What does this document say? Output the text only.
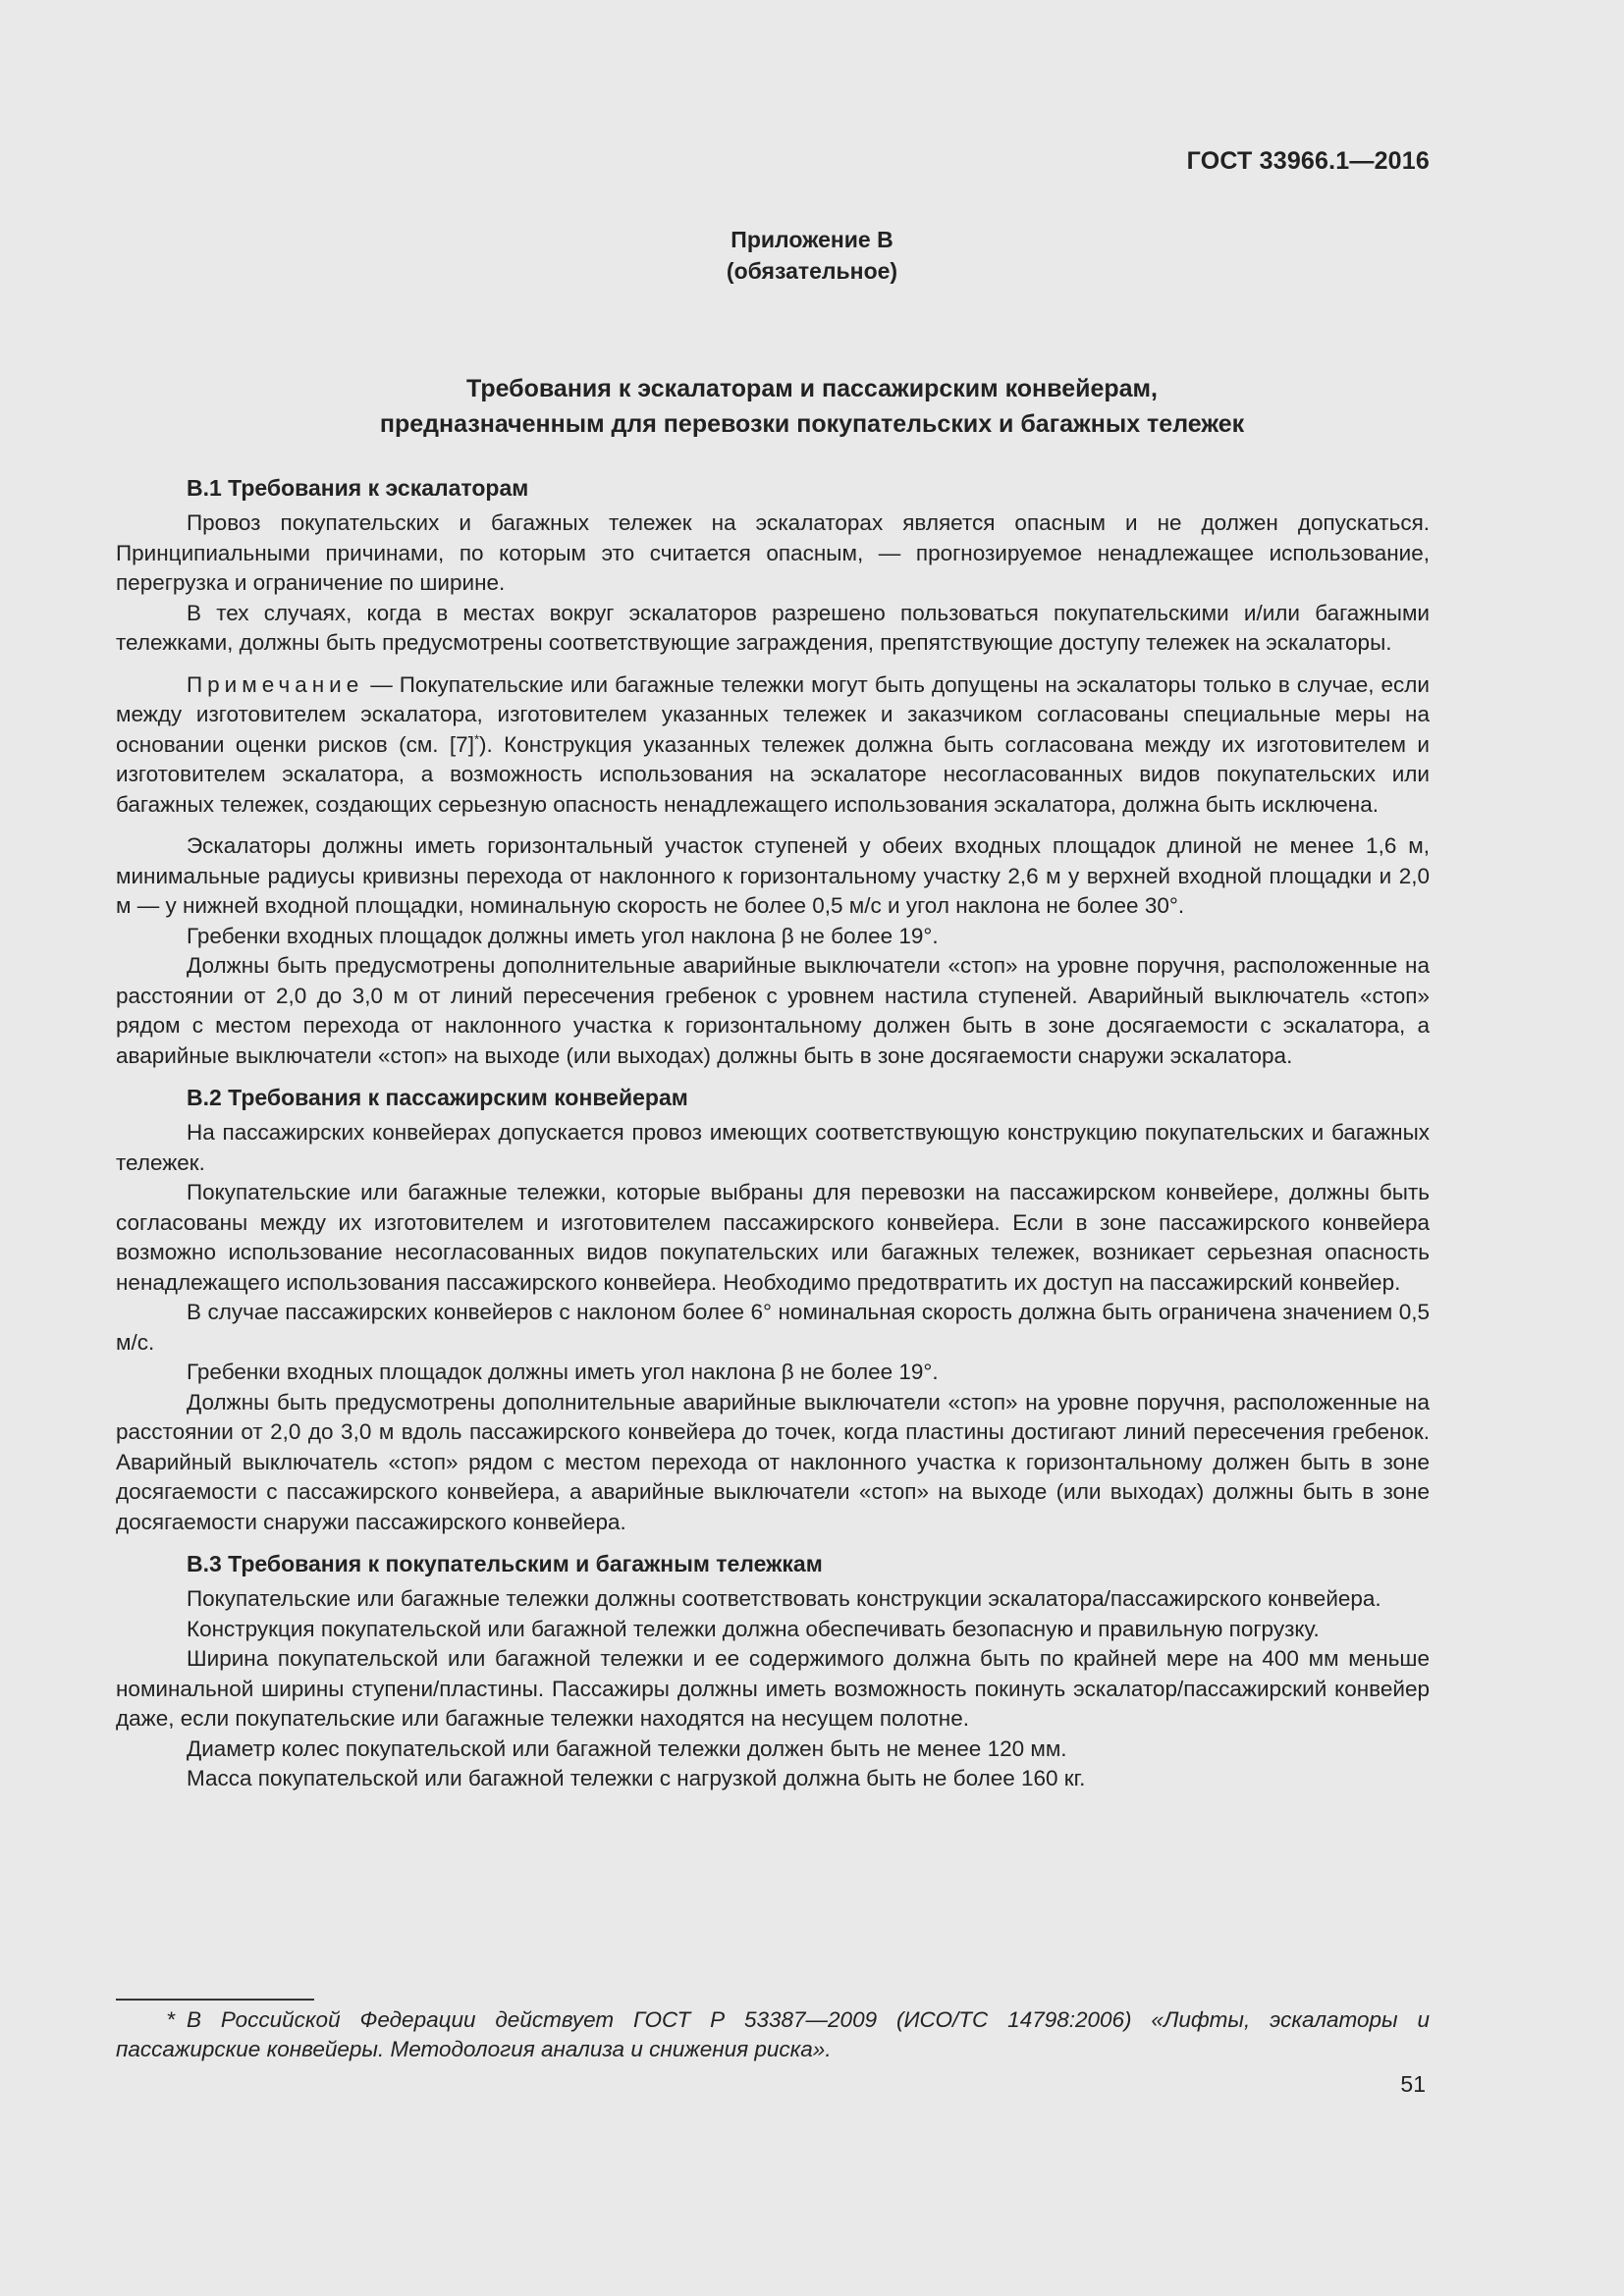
ГОСТ 33966.1—2016
Приложение В
(обязательное)
Требования к эскалаторам и пассажирским конвейерам,
предназначенным для перевозки покупательских и багажных тележек
В.1 Требования к эскалаторам

Провоз покупательских и багажных тележек на эскалаторах является опасным и не должен допускаться. Принципиальными причинами, по которым это считается опасным, — прогнозируемое ненадлежащее использование, перегрузка и ограничение по ширине.

В тех случаях, когда в местах вокруг эскалаторов разрешено пользоваться покупательскими и/или багажными тележками, должны быть предусмотрены соответствующие заграждения, препятствующие доступу тележек на эскалаторы.

Примечание — Покупательские или багажные тележки могут быть допущены на эскалаторы только в случае, если между изготовителем эскалатора, изготовителем указанных тележек и заказчиком согласованы специальные меры на основании оценки рисков (см. [7]*). Конструкция указанных тележек должна быть согласована между их изготовителем и изготовителем эскалатора, а возможность использования на эскалаторе несогласованных видов покупательских или багажных тележек, создающих серьезную опасность ненадлежащего использования эскалатора, должна быть исключена.

Эскалаторы должны иметь горизонтальный участок ступеней у обеих входных площадок длиной не менее 1,6 м, минимальные радиусы кривизны перехода от наклонного к горизонтальному участку 2,6 м у верхней входной площадки и 2,0 м — у нижней входной площадки, номинальную скорость не более 0,5 м/с и угол наклона не более 30°.

Гребенки входных площадок должны иметь угол наклона β не более 19°.

Должны быть предусмотрены дополнительные аварийные выключатели «стоп» на уровне поручня, расположенные на расстоянии от 2,0 до 3,0 м от линий пересечения гребенок с уровнем настила ступеней. Аварийный выключатель «стоп» рядом с местом перехода от наклонного участка к горизонтальному должен быть в зоне досягаемости с эскалатора, а аварийные выключатели «стоп» на выходе (или выходах) должны быть в зоне досягаемости снаружи эскалатора.

В.2 Требования к пассажирским конвейерам

На пассажирских конвейерах допускается провоз имеющих соответствующую конструкцию покупательских и багажных тележек.

Покупательские или багажные тележки, которые выбраны для перевозки на пассажирском конвейере, должны быть согласованы между их изготовителем и изготовителем пассажирского конвейера. Если в зоне пассажирского конвейера возможно использование несогласованных видов покупательских или багажных тележек, возникает серьезная опасность ненадлежащего использования пассажирского конвейера. Необходимо предотвратить их доступ на пассажирский конвейер.

В случае пассажирских конвейеров с наклоном более 6° номинальная скорость должна быть ограничена значением 0,5 м/с.

Гребенки входных площадок должны иметь угол наклона β не более 19°.

Должны быть предусмотрены дополнительные аварийные выключатели «стоп» на уровне поручня, расположенные на расстоянии от 2,0 до 3,0 м вдоль пассажирского конвейера до точек, когда пластины достигают линий пересечения гребенок. Аварийный выключатель «стоп» рядом с местом перехода от наклонного участка к горизонтальному должен быть в зоне досягаемости с пассажирского конвейера, а аварийные выключатели «стоп» на выходе (или выходах) должны быть в зоне досягаемости снаружи пассажирского конвейера.

В.3 Требования к покупательским и багажным тележкам

Покупательские или багажные тележки должны соответствовать конструкции эскалатора/пассажирского конвейера.

Конструкция покупательской или багажной тележки должна обеспечивать безопасную и правильную погрузку.

Ширина покупательской или багажной тележки и ее содержимого должна быть по крайней мере на 400 мм меньше номинальной ширины ступени/пластины. Пассажиры должны иметь возможность покинуть эскалатор/пассажирский конвейер даже, если покупательские или багажные тележки находятся на несущем полотне.

Диаметр колес покупательской или багажной тележки должен быть не менее 120 мм.

Масса покупательской или багажной тележки с нагрузкой должна быть не более 160 кг.

* В Российской Федерации действует ГОСТ Р 53387—2009 (ИСО/ТС 14798:2006) «Лифты, эскалаторы и пассажирские конвейеры. Методология анализа и снижения риска».
51
